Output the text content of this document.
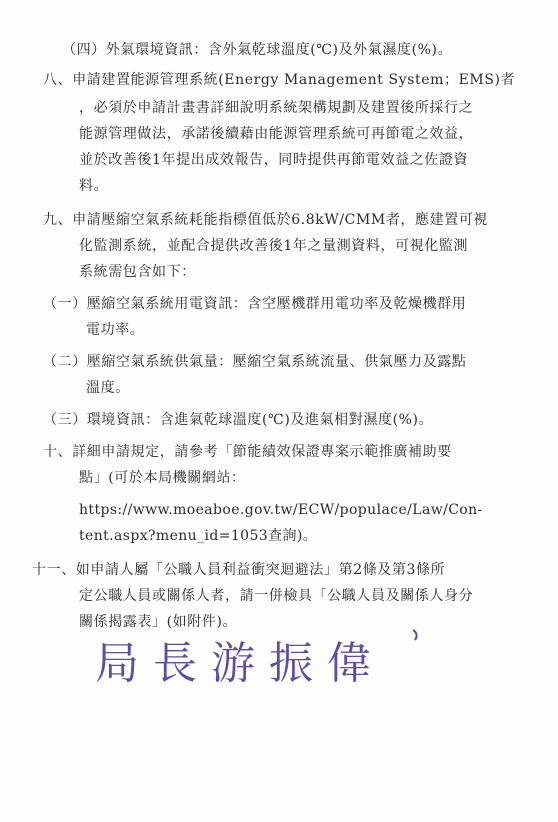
（四）外氣環境資訊：含外氣乾球溫度(℃)及外氣濕度(%)。
八、申請建置能源管理系統(Energy Management System；EMS)者
，必須於申請計畫書詳細說明系統架構規劃及建置後所採行之
能源管理做法，承諾後續藉由能源管理系統可再節電之效益，
並於改善後1年提出成效報告，同時提供再節電效益之佐證資
料。
九、申請壓縮空氣系統耗能指標值低於6.8kW/CMM者，應建置可視
化監測系統，並配合提供改善後1年之量測資料，可視化監測
系統需包含如下：
（一）壓縮空氣系統用電資訊：含空壓機群用電功率及乾燥機群用
電功率。
（二）壓縮空氣系統供氣量：壓縮空氣系統流量、供氣壓力及露點
溫度。
（三）環境資訊：含進氣乾球溫度(℃)及進氣相對濕度(%)。
十、詳細申請規定，請參考「節能績效保證專案示範推廣補助要
點」(可於本局機關網站：
https://www.moeaboe.gov.tw/ECW/populace/Law/Con-
tent.aspx?menu_id=1053查詢)。
十一、如申請人屬「公職人員利益衝突迴避法」第2條及第3條所
定公職人員或關係人者，請一併檢具「公職人員及關係人身分
關係揭露表」(如附件)。
局長游振偉
